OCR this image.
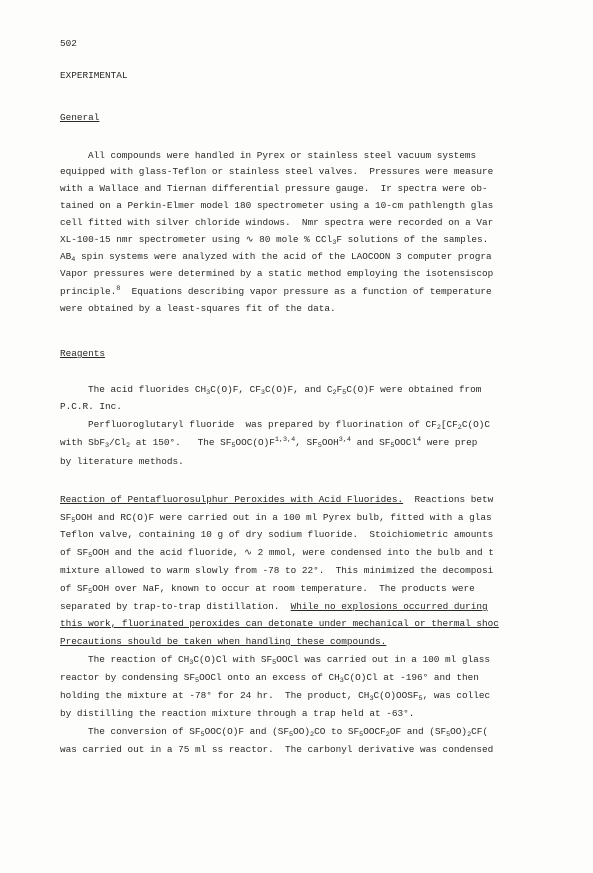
502
EXPERIMENTAL
General
All compounds were handled in Pyrex or stainless steel vacuum systems
equipped with glass-Teflon or stainless steel valves.  Pressures were measure
with a Wallace and Tiernan differential pressure gauge.  Ir spectra were ob-
tained on a Perkin-Elmer model 180 spectrometer using a 10-cm pathlength glas
cell fitted with silver chloride windows.  Nmr spectra were recorded on a Var
XL-100-15 nmr spectrometer using ∿ 80 mole % CCl$_3$F solutions of the samples.
$AB_4$ spin systems were analyzed with the acid of the LAOCOON 3 computer progra
Vapor pressures were determined by a static method employing the isotensiscop
principle.$^8$  Equations describing vapor pressure as a function of temperature
were obtained by a least-squares fit of the data.
Reagents
The acid fluorides $CH_3C(O)F$, $CF_3C(O)F$, and $C_2F_5C(O)F$ were obtained from
P.C.R. Inc.
Perfluoroglutaryl fluoride  was prepared by fluorination of $CF_2[CF_2C(O)C$
with $SbF_3/Cl_2$ at 150°.   The $SF_5OOC(O)F^{1,3,4}$, $SF_5OOH^{3,4}$ and $SF_5OOCl^4$ were prep
by literature methods.
Reaction of Pentafluorosulphur Peroxides with Acid Fluorides.  Reactions betw
$SF_5OOH$ and RC(O)F were carried out in a 100 ml Pyrex bulb, fitted with a glas
Teflon valve, containing 10 g of dry sodium fluoride.  Stoichiometric amounts
of $SF_5OOH$ and the acid fluoride, ∿ 2 mmol, were condensed into the bulb and t
mixture allowed to warm slowly from -78 to 22°.  This minimized the decomposi
of $SF_5OOH$ over NaF, known to occur at room temperature.  The products were
separated by trap-to-trap distillation.  While no explosions occurred during
this work, fluorinated peroxides can detonate under mechanical or thermal shoc
Precautions should be taken when handling these compounds.
The reaction of $CH_3C(O)Cl$ with $SF_5OOCl$ was carried out in a 100 ml glass
reactor by condensing $SF_5OOCl$ onto an excess of $CH_3C(O)Cl$ at -196° and then
holding the mixture at -78° for 24 hr.  The product, $CH_3C(O)OOSF_5$, was collec
by distilling the reaction mixture through a trap held at -63°.
The conversion of $SF_5OOC(O)F$ and $(SF_5OO)_2CO$ to $SF_5OOCF_2OF$ and $(SF_5OO)_2CF$(
was carried out in a 75 ml ss reactor.  The carbonyl derivative was condensed
